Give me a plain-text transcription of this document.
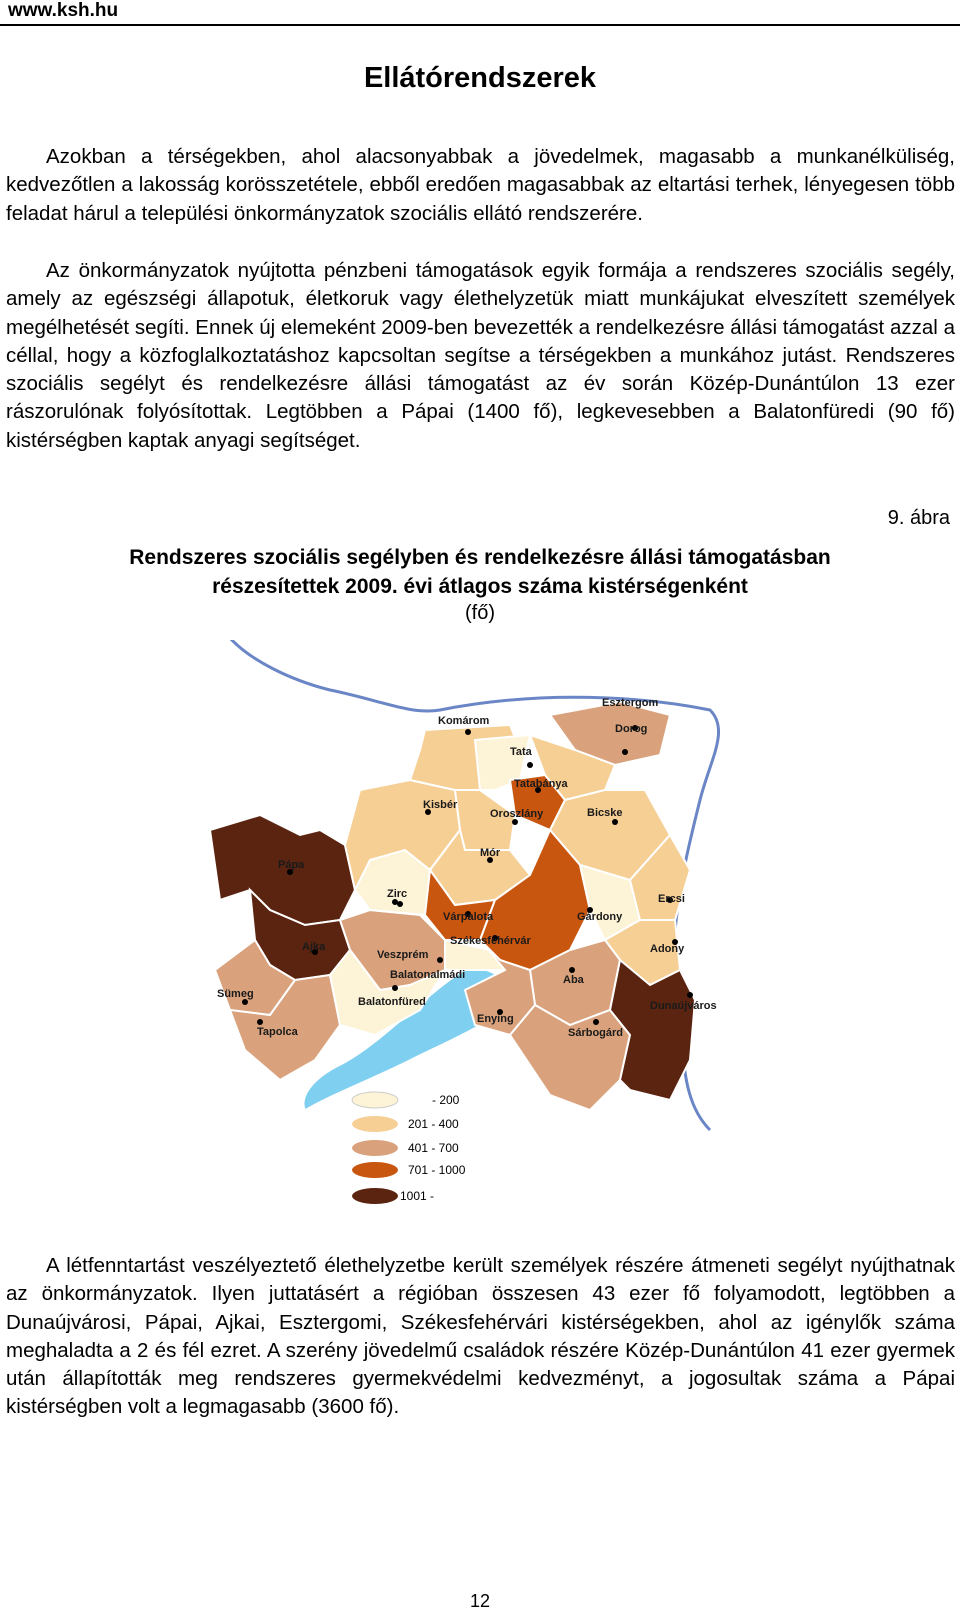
www.ksh.hu
Ellátórendszerek

Azokban a térségekben, ahol alacsonyabbak a jövedelmek, magasabb a munkanélküliség, kedvezőtlen a lakosság korösszetétele, ebből eredően magasabbak az eltartási terhek, lényegesen több feladat hárul a települési önkormányzatok szociális ellátó rendszerére.

Az önkormányzatok nyújtotta pénzbeni támogatások egyik formája a rendszeres szociális segély, amely az egészségi állapotuk, életkoruk vagy élethelyzetük miatt munkájukat elveszített személyek megélhetését segíti. Ennek új elemeként 2009-ben bevezették a rendelkezésre állási támogatást azzal a céllal, hogy a közfoglalkoztatáshoz kapcsoltan segítse a térségekben a munkához jutást. Rendszeres szociális segélyt és rendelkezésre állási támogatást az év során Közép-Dunántúlon 13 ezer rászorulónak folyósítottak. Legtöbben a Pápai (1400 fő), legkevesebben a Balatonfüredi (90 fő) kistérségben kaptak anyagi segítséget.

9. ábra
Rendszeres szociális segélyben és rendelkezésre állási támogatásban
részesítettek 2009. évi átlagos száma kistérségenként
(fő)
Pápa
Ajka
Sümeg
Tapolca
Zirc
Veszprém
Balatonalmádi
Balatonfüred
Kisbér
Komárom
Tata
Tatabánya
Oroszlány
Mór
Esztergom
Dorog
Bicske
Várpalota
Székesfehérvár
Gárdony
Ercsi
Adony
Aba
Enying
Sárbogárd
Dunaújváros
- 200
201 - 400
401 - 700
701 - 1000
1001 -

A létfenntartást veszélyeztető élethelyzetbe került személyek részére átmeneti segélyt nyújthatnak az önkormányzatok. Ilyen juttatásért a régióban összesen 43 ezer fő folyamodott, legtöbben a Dunaújvárosi, Pápai, Ajkai, Esztergomi, Székesfehérvári kistérségekben, ahol az igénylők száma meghaladta a 2 és fél ezret. A szerény jövedelmű családok részére Közép-Dunántúlon 41 ezer gyermek után állapították meg rendszeres gyermekvédelmi kedvezményt, a jogosultak száma a Pápai kistérségben volt a legmagasabb (3600 fő).

12
